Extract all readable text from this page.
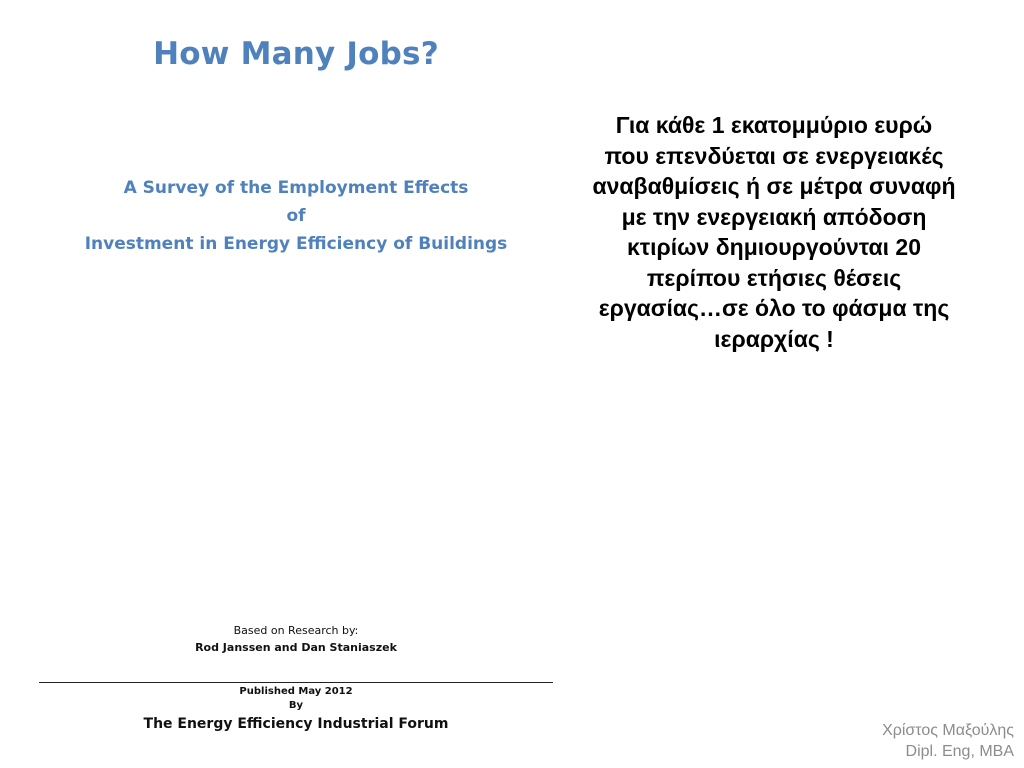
How Many Jobs?
A Survey of the Employment Effects
of
Investment in Energy Efficiency of Buildings
Based on Research by:
Rod Janssen and Dan Staniaszek
Published May 2012
By
The Energy Efficiency Industrial Forum
Για κάθε 1 εκατομμύριο ευρώ
που επενδύεται σε ενεργειακές
αναβαθμίσεις ή σε μέτρα συναφή
με την ενεργειακή απόδοση
κτιρίων δημιουργούνται 20
περίπου ετήσιες θέσεις
εργασίας…σε όλο το φάσμα της
ιεραρχίας !
Χρίστος Μαξούλης
Dipl. Eng, MBA
